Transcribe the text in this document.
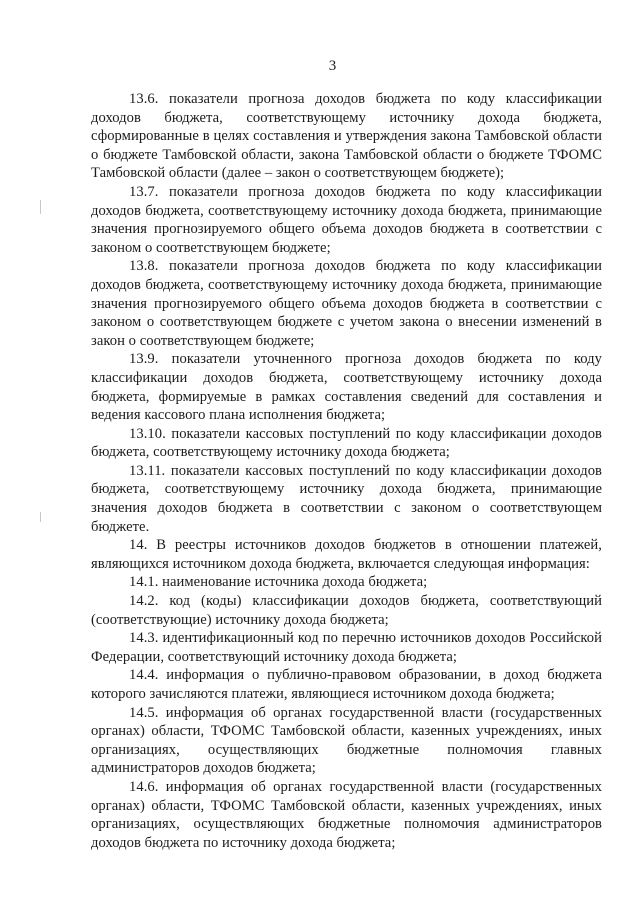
3

13.6. показатели прогноза доходов бюджета по коду классификации доходов бюджета, соответствующему источнику дохода бюджета, сформированные в целях составления и утверждения закона Тамбовской области о бюджете Тамбовской области, закона Тамбовской области о бюджете ТФОМС Тамбовской области (далее – закон о соответствующем бюджете);

13.7. показатели прогноза доходов бюджета по коду классификации доходов бюджета, соответствующему источнику дохода бюджета, принимающие значения прогнозируемого общего объема доходов бюджета в соответствии с законом о соответствующем бюджете;

13.8. показатели прогноза доходов бюджета по коду классификации доходов бюджета, соответствующему источнику дохода бюджета, принимающие значения прогнозируемого общего объема доходов бюджета в соответствии с законом о соответствующем бюджете с учетом закона о внесении изменений в закон о соответствующем бюджете;

13.9. показатели уточненного прогноза доходов бюджета по коду классификации доходов бюджета, соответствующему источнику дохода бюджета, формируемые в рамках составления сведений для составления и ведения кассового плана исполнения бюджета;

13.10. показатели кассовых поступлений по коду классификации доходов бюджета, соответствующему источнику дохода бюджета;

13.11. показатели кассовых поступлений по коду классификации доходов бюджета, соответствующему источнику дохода бюджета, принимающие значения доходов бюджета в соответствии с законом о соответствующем бюджете.

14. В реестры источников доходов бюджетов в отношении платежей, являющихся источником дохода бюджета, включается следующая информация:

14.1. наименование источника дохода бюджета;

14.2. код (коды) классификации доходов бюджета, соответствующий (соответствующие) источнику дохода бюджета;

14.3. идентификационный код по перечню источников доходов Российской Федерации, соответствующий источнику дохода бюджета;

14.4. информация о публично-правовом образовании, в доход бюджета которого зачисляются платежи, являющиеся источником дохода бюджета;

14.5. информация об органах государственной власти (государственных органах) области, ТФОМС Тамбовской области, казенных учреждениях, иных организациях, осуществляющих бюджетные полномочия главных администраторов доходов бюджета;

14.6. информация об органах государственной власти (государственных органах) области, ТФОМС Тамбовской области, казенных учреждениях, иных организациях, осуществляющих бюджетные полномочия администраторов доходов бюджета по источнику дохода бюджета;
